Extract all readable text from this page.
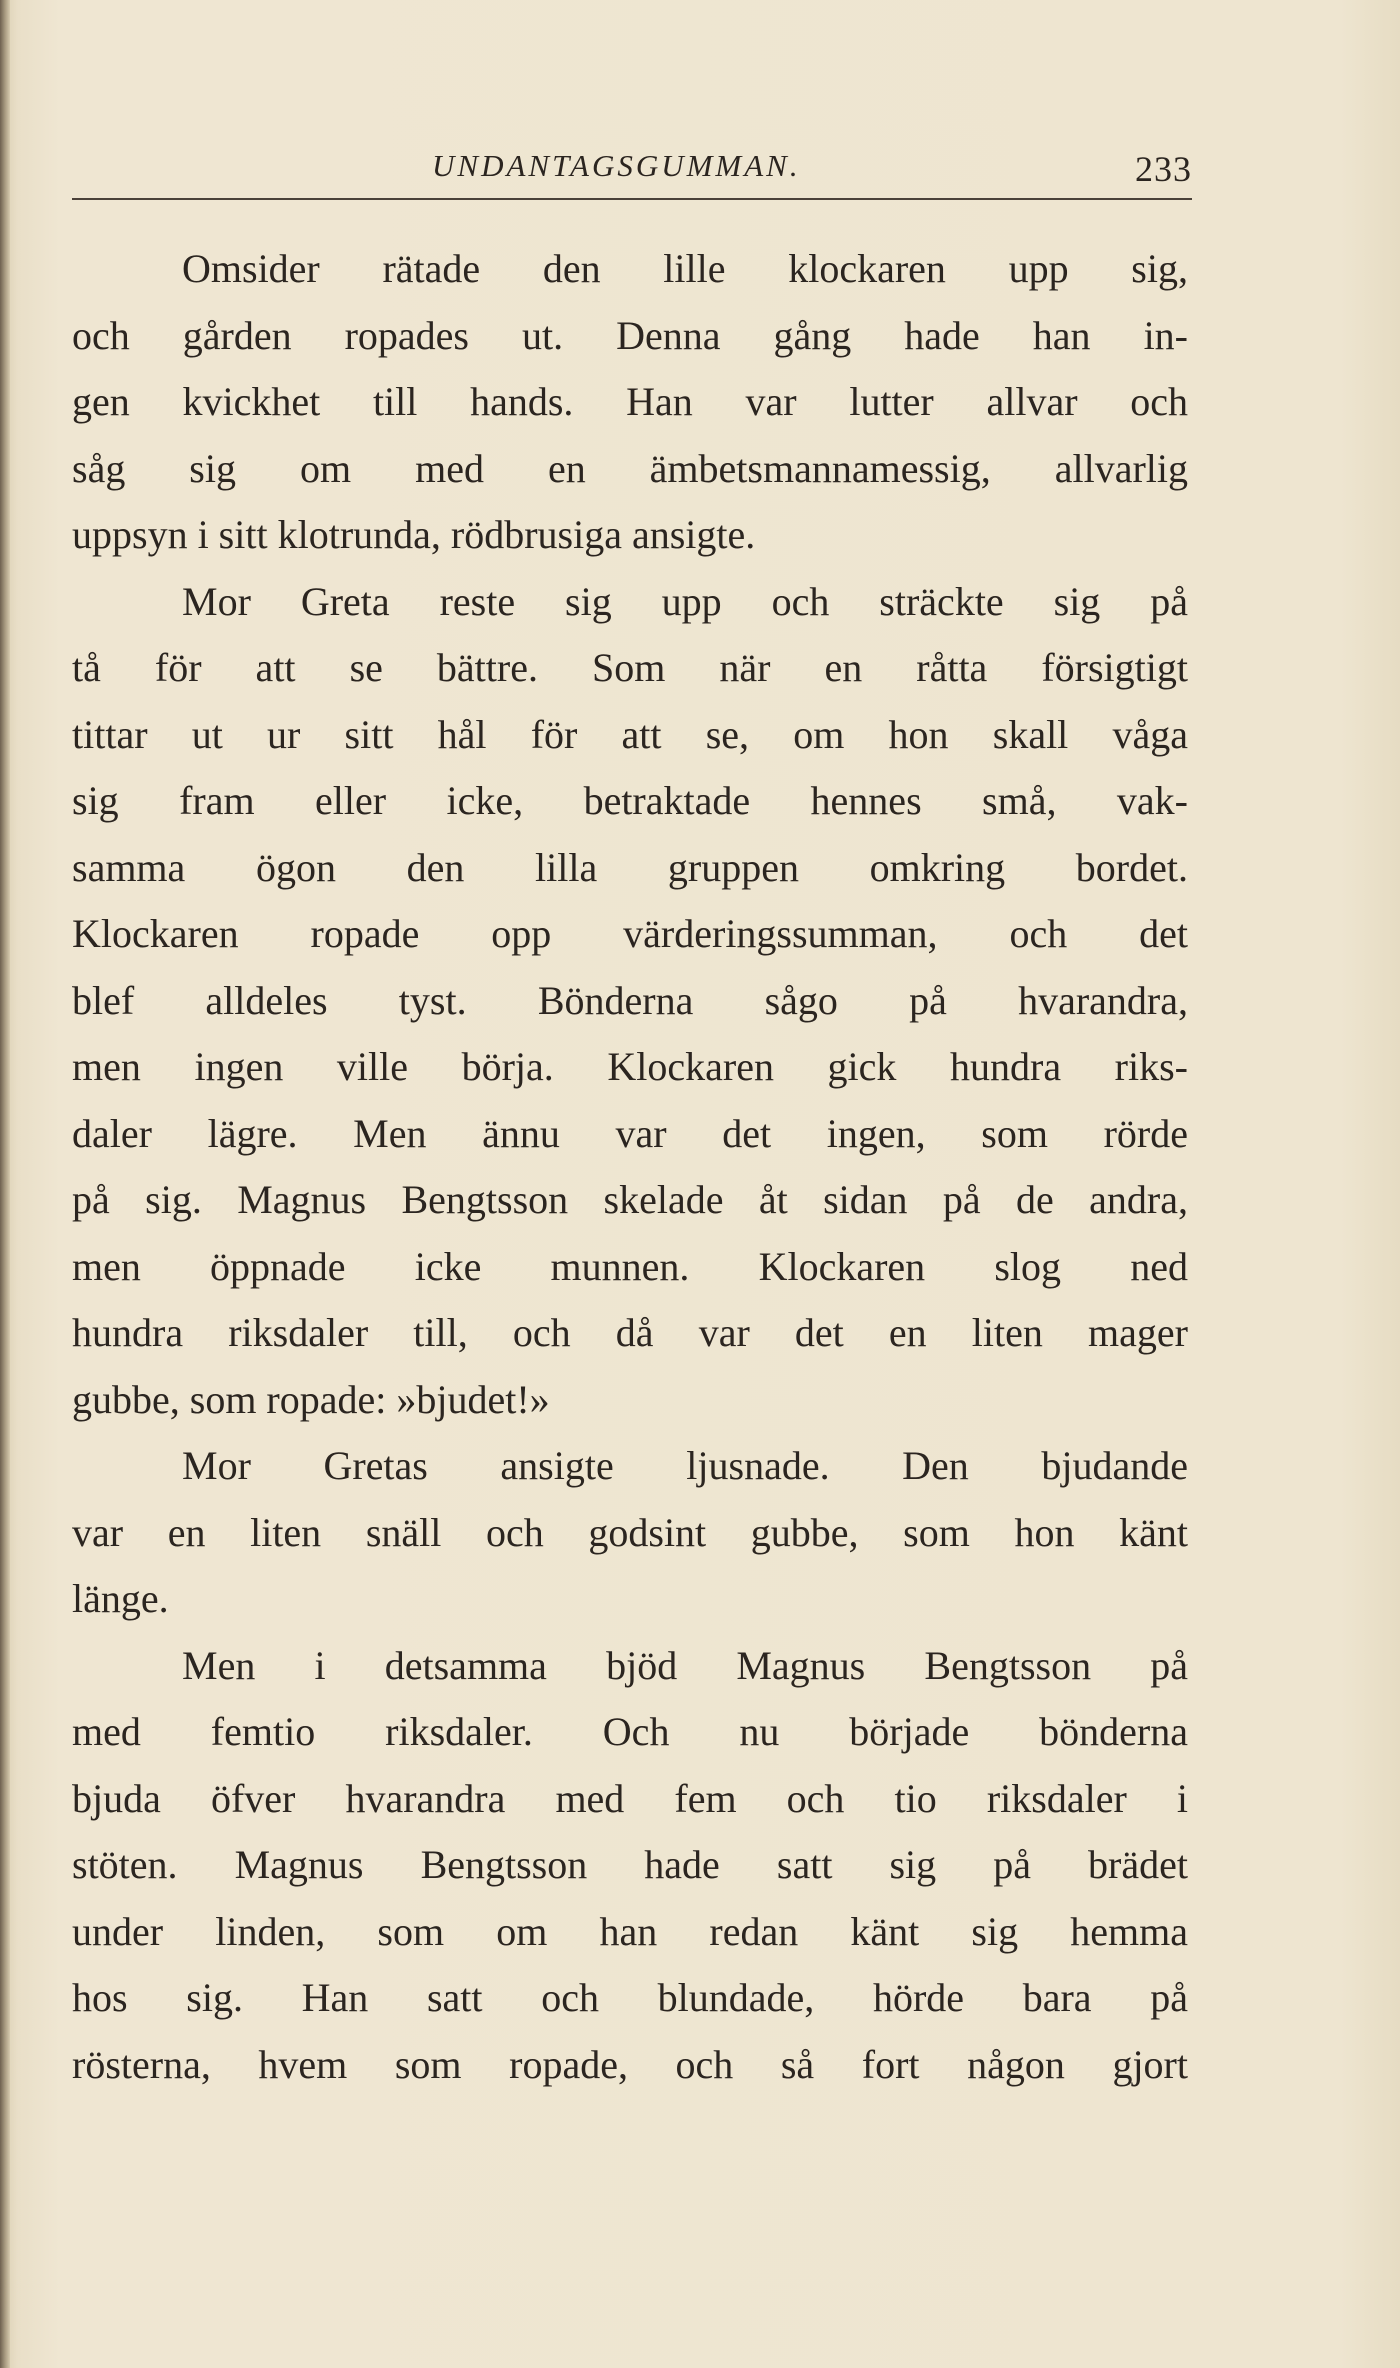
UNDANTAGSGUMMAN.	233
Omsider rätade den lille klockaren upp sig,
och gården ropades ut. Denna gång hade han in-
gen kvickhet till hands. Han var lutter allvar och
såg sig om med en ämbetsmannamessig, allvarlig
uppsyn i sitt klotrunda, rödbrusiga ansigte.
Mor Greta reste sig upp och sträckte sig på
tå för att se bättre. Som när en råtta försigtigt
tittar ut ur sitt hål för att se, om hon skall våga
sig fram eller icke, betraktade hennes små, vak-
samma ögon den lilla gruppen omkring bordet.
Klockaren ropade opp värderingssumman, och det
blef alldeles tyst. Bönderna sågo på hvarandra,
men ingen ville börja. Klockaren gick hundra riks-
daler lägre. Men ännu var det ingen, som rörde
på sig. Magnus Bengtsson skelade åt sidan på de andra,
men öppnade icke munnen. Klockaren slog ned
hundra riksdaler till, och då var det en liten mager
gubbe, som ropade: »bjudet!»
Mor Gretas ansigte ljusnade. Den bjudande
var en liten snäll och godsint gubbe, som hon känt
länge.
Men i detsamma bjöd Magnus Bengtsson på
med femtio riksdaler. Och nu började bönderna
bjuda öfver hvarandra med fem och tio riksdaler i
stöten. Magnus Bengtsson hade satt sig på brädet
under linden, som om han redan känt sig hemma
hos sig. Han satt och blundade, hörde bara på
rösterna, hvem som ropade, och så fort någon gjort
